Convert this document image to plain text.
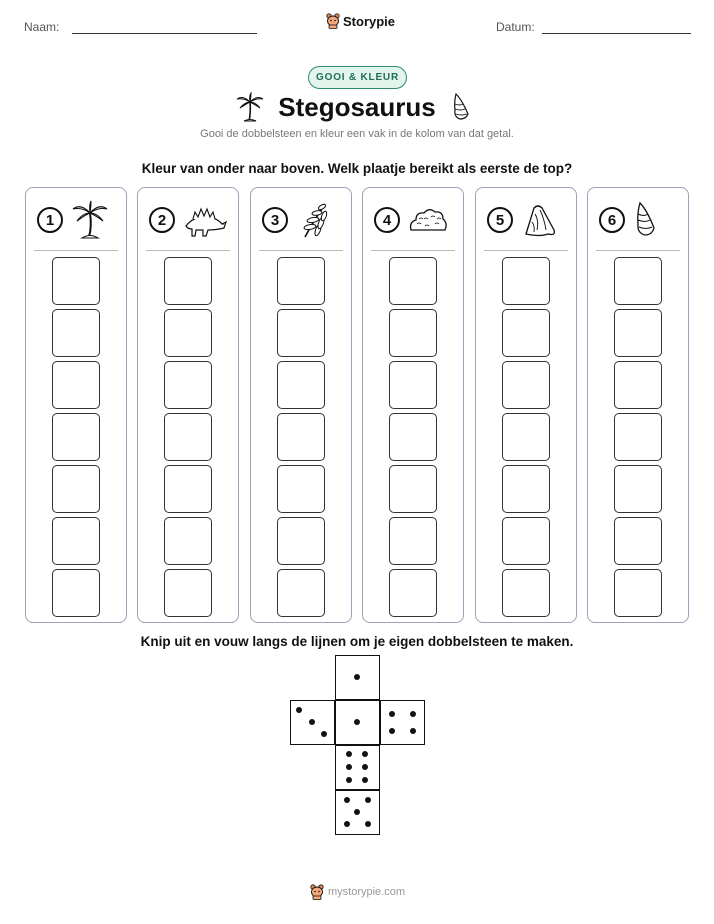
Naam:	Storypie	Datum:
GOOI & KLEUR
Stegosaurus
Gooi de dobbelsteen en kleur een vak in de kolom van dat getal.
Kleur van onder naar boven. Welk plaatje bereikt als eerste de top?
1	2	3	4	5	6
Knip uit en vouw langs de lijnen om je eigen dobbelsteen te maken.
mystorypie.com
